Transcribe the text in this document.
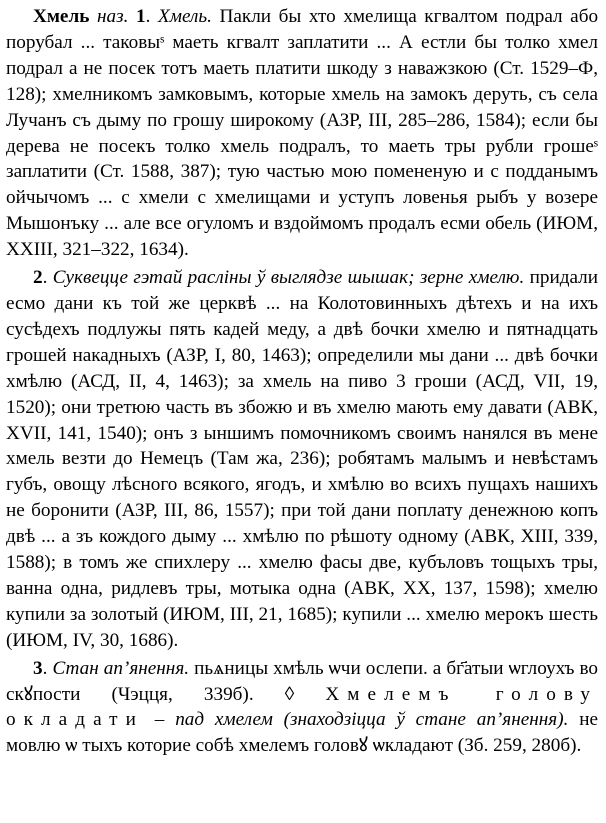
Хмель наз. 1. Хмель. Пакли бы хто хмелища кгвалтом подрал або порубал ... таковыˢ маеть кгвалт заплатити ... А естли бы толко хмел подрал а не посек тотъ маеть платити шкоду з наважзкою (Ст. 1529–Ф, 128); хмелникомъ замковымъ, которые хмель на замокъ деруть, съ села Лучанъ съ дыму по грошу широкому (АЗР, III, 285–286, 1584); если бы дерева не посекъ толко хмель подралъ, то маеть тры рубли грошеˢ заплатити (Ст. 1588, 387); тую частью мою помененую и с подданымъ ойчычомъ ... с хмели с хмелищами и уступъ ловенья рыбъ у возере Мышонъку ... але все огуломъ и вздоймомъ продалъ есми обель (ИЮМ, XXIII, 321–322, 1634).

2. Суквецце гэтай расліны ў выглядзе шышак; зерне хмелю. придали есмо дани къ той же церквѣ ... на Колотовинныхъ дѣтехъ и на ихъ сусѣдехъ подлужы пять кадей меду, а двѣ бочки хмелю и пятнадцать грошей накадныхъ (АЗР, I, 80, 1463); определили мы дани ... двѣ бочки хмѣлю (АСД, II, 4, 1463); за хмель на пиво 3 гроши (АСД, VII, 19, 1520); они третюю часть въ збожю и въ хмелю мають ему давати (АВК, XVII, 141, 1540); онъ з ыншимъ помочникомъ своимъ нанялся въ мене хмель везти до Немецъ (Там жа, 236); робятамъ малымъ и невѣстамъ губъ, овощу лѣсного всякого, ягодъ, и хмѣлю во всихъ пущахъ нашихъ не боронити (АЗР, III, 86, 1557); при той дани поплату денежною копъ двѣ ... а зъ кождого дыму ... хмѣлю по рѣшоту одному (АВК, XIII, 339, 1588); в томъ же спихлеру ... хмелю фасы две, кубъловъ тощыхъ тры, ванна одна, ридлевъ тры, мотыка одна (АВК, XX, 137, 1598); хмелю купили за золотый (ИЮМ, III, 21, 1685); купили ... хмелю мерокъ шесть (ИЮМ, IV, 30, 1686).

3. Стан ап’янення. пьѧницы хмѣль ѡчи ослепи. а бг҃атыи ѡглоухъ во скꙋпости (Чэцця, 339б). ◊ Хмелемъ голову окладати – пад хмелем (знаходзіцца ў стане ап’янення). не мовлю ѡ тыхъ которие собѣ хмелемъ головꙋ ѡкладают (Зб. 259, 280б).
